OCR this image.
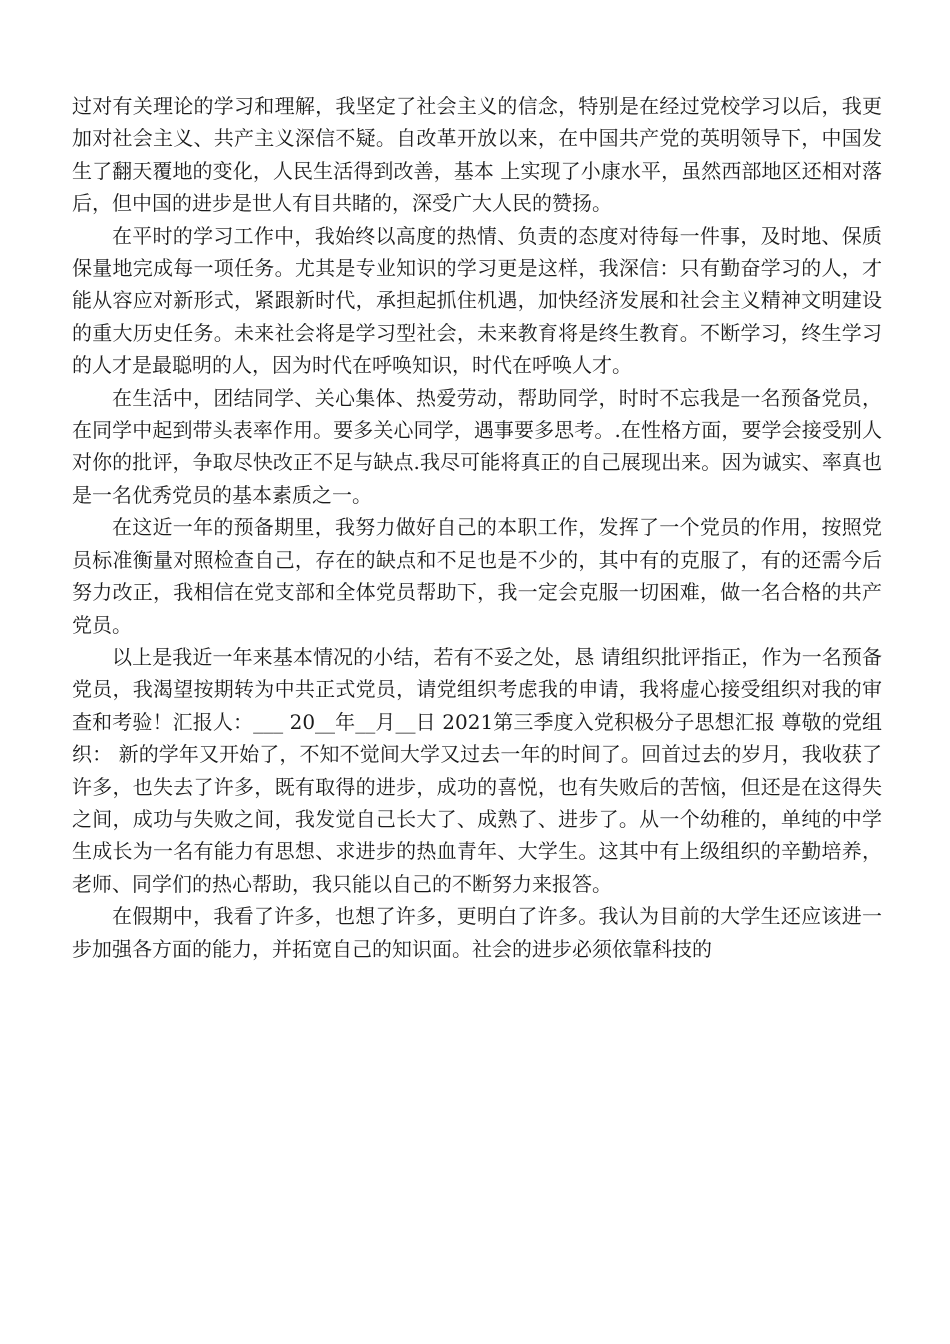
过对有关理论的学习和理解，我坚定了社会主义的信念，特别是在经过党校学习以后，我更加对社会主义、共产主义深信不疑。自改革开放以来，在中国共产党的英明领导下，中国发生了翻天覆地的变化，人民生活得到改善，基本 上实现了小康水平，虽然西部地区还相对落后，但中国的进步是世人有目共睹的，深受广大人民的赞扬。

在平时的学习工作中，我始终以高度的热情、负责的态度对待每一件事，及时地、保质保量地完成每一项任务。尤其是专业知识的学习更是这样，我深信：只有勤奋学习的人，才能从容应对新形式，紧跟新时代，承担起抓住机遇，加快经济发展和社会主义精神文明建设的重大历史任务。未来社会将是学习型社会，未来教育将是终生教育。不断学习，终生学习的人才是最聪明的人，因为时代在呼唤知识，时代在呼唤人才。

在生活中，团结同学、关心集体、热爱劳动，帮助同学，时时不忘我是一名预备党员，在同学中起到带头表率作用。要多关心同学，遇事要多思考。.在性格方面，要学会接受别人对你的批评，争取尽快改正不足与缺点.我尽可能将真正的自己展现出来。因为诚实、率真也是一名优秀党员的基本素质之一。

在这近一年的预备期里，我努力做好自己的本职工作，发挥了一个党员的作用，按照党员标准衡量对照检查自己，存在的缺点和不足也是不少的，其中有的克服了，有的还需今后努力改正，我相信在党支部和全体党员帮助下，我一定会克服一切困难，做一名合格的共产党员。

以上是我近一年来基本情况的小结，若有不妥之处，恳 请组织批评指正，作为一名预备党员，我渴望按期转为中共正式党员，请党组织考虑我的申请，我将虚心接受组织对我的审查和考验！汇报人：___ 20__年__月__日 2021第三季度入党积极分子思想汇报 尊敬的党组织： 新的学年又开始了，不知不觉间大学又过去一年的时间了。回首过去的岁月，我收获了许多，也失去了许多，既有取得的进步，成功的喜悦，也有失败后的苦恼，但还是在这得失之间，成功与失败之间，我发觉自己长大了、成熟了、进步了。从一个幼稚的，单纯的中学生成长为一名有能力有思想、求进步的热血青年、大学生。这其中有上级组织的辛勤培养，老师、同学们的热心帮助，我只能以自己的不断努力来报答。

在假期中，我看了许多，也想了许多，更明白了许多。我认为目前的大学生还应该进一步加强各方面的能力，并拓宽自己的知识面。社会的进步必须依靠科技的
